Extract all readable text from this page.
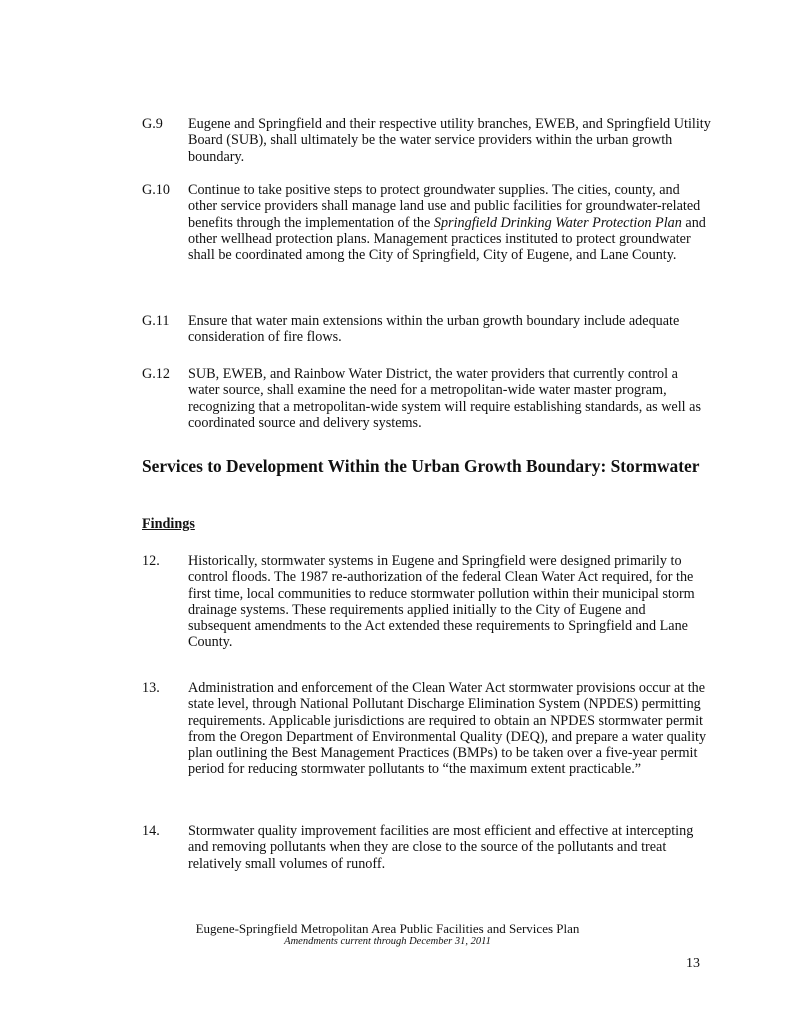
G.9	Eugene and Springfield and their respective utility branches, EWEB, and Springfield Utility Board (SUB), shall ultimately be the water service providers within the urban growth boundary.
G.10	Continue to take positive steps to protect groundwater supplies. The cities, county, and other service providers shall manage land use and public facilities for groundwater-related benefits through the implementation of the Springfield Drinking Water Protection Plan and other wellhead protection plans. Management practices instituted to protect groundwater shall be coordinated among the City of Springfield, City of Eugene, and Lane County.
G.11	Ensure that water main extensions within the urban growth boundary include adequate consideration of fire flows.
G.12	SUB, EWEB, and Rainbow Water District, the water providers that currently control a water source, shall examine the need for a metropolitan-wide water master program, recognizing that a metropolitan-wide system will require establishing standards, as well as coordinated source and delivery systems.
Services to Development Within the Urban Growth Boundary: Stormwater
Findings
12.	Historically, stormwater systems in Eugene and Springfield were designed primarily to control floods. The 1987 re-authorization of the federal Clean Water Act required, for the first time, local communities to reduce stormwater pollution within their municipal storm drainage systems. These requirements applied initially to the City of Eugene and subsequent amendments to the Act extended these requirements to Springfield and Lane County.
13.	Administration and enforcement of the Clean Water Act stormwater provisions occur at the state level, through National Pollutant Discharge Elimination System (NPDES) permitting requirements. Applicable jurisdictions are required to obtain an NPDES stormwater permit from the Oregon Department of Environmental Quality (DEQ), and prepare a water quality plan outlining the Best Management Practices (BMPs) to be taken over a five-year permit period for reducing stormwater pollutants to “the maximum extent practicable.”
14.	Stormwater quality improvement facilities are most efficient and effective at intercepting and removing pollutants when they are close to the source of the pollutants and treat relatively small volumes of runoff.
Eugene-Springfield Metropolitan Area Public Facilities and Services Plan
Amendments current through December 31, 2011
13
